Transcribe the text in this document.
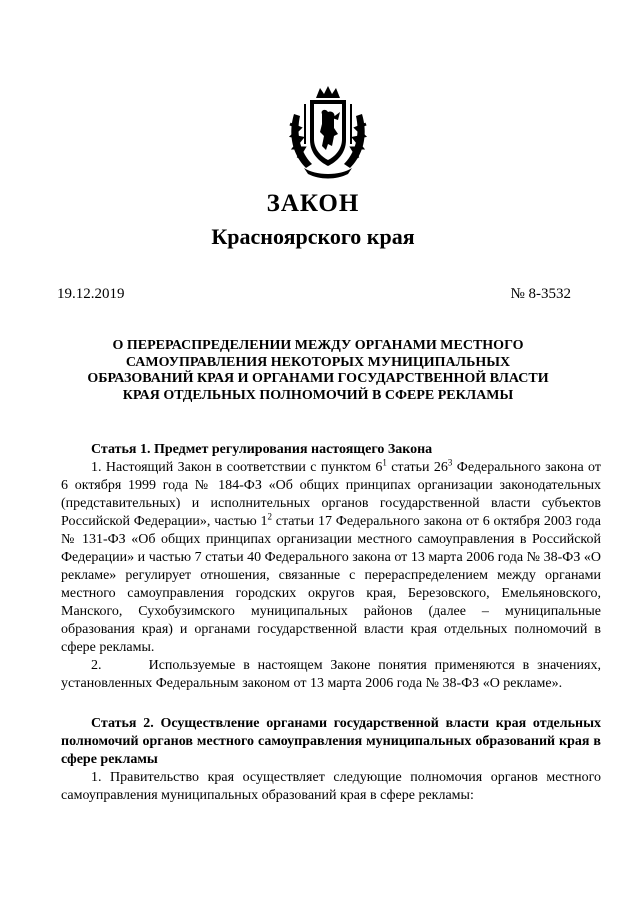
ЗАКОН
Красноярского края
19.12.2019	№ 8-3532
О ПЕРЕРАСПРЕДЕЛЕНИИ МЕЖДУ ОРГАНАМИ МЕСТНОГО
САМОУПРАВЛЕНИЯ НЕКОТОРЫХ МУНИЦИПАЛЬНЫХ
ОБРАЗОВАНИЙ КРАЯ И ОРГАНАМИ ГОСУДАРСТВЕННОЙ ВЛАСТИ
КРАЯ ОТДЕЛЬНЫХ ПОЛНОМОЧИЙ В СФЕРЕ РЕКЛАМЫ

Статья 1. Предмет регулирования настоящего Закона

1. Настоящий Закон в соответствии с пунктом $6^1$ статьи $26^3$ Федерального закона от 6 октября 1999 года № 184-ФЗ «Об общих принципах организации законодательных (представительных) и исполнительных органов государственной власти субъектов Российской Федерации», частью $1^2$ статьи 17 Федерального закона от 6 октября 2003 года № 131-ФЗ «Об общих принципах организации местного самоуправления в Российской Федерации» и частью 7 статьи 40 Федерального закона от 13 марта 2006 года № 38-ФЗ «О рекламе» регулирует отношения, связанные с перераспределением между органами местного самоуправления городских округов края, Березовского, Емельяновского, Манского, Сухобузимского муниципальных районов (далее – муниципальные образования края) и органами государственной власти края отдельных полномочий в сфере рекламы.

2.      Используемые в настоящем Законе понятия применяются в значениях, установленных Федеральным законом от 13 марта 2006 года № 38-ФЗ «О рекламе».

Статья 2. Осуществление органами государственной власти края отдельных полномочий органов местного самоуправления муниципальных образований края в сфере рекламы

1. Правительство края осуществляет следующие полномочия органов местного самоуправления муниципальных образований края в сфере рекламы:
